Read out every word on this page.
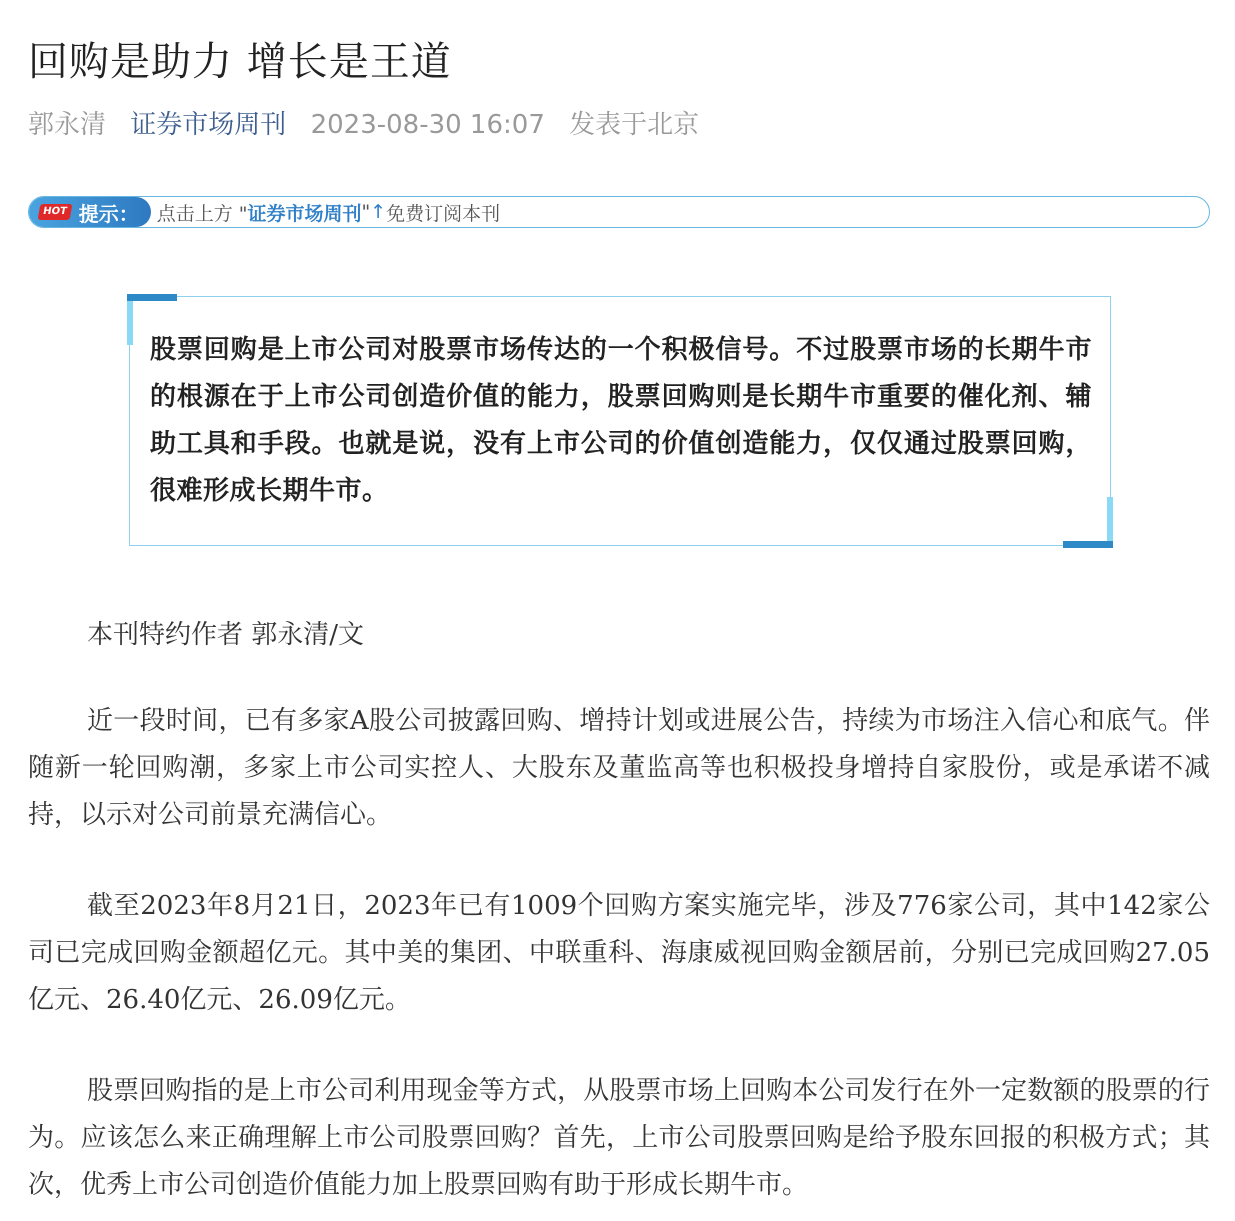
回购是助力 增长是王道
郭永清 证券市场周刊 2023-08-30 16:07 发表于北京
HOT 提示： 点击上方 " 证券市场周刊 " ↑ 免费订阅本刊

股票回购是上市公司对股票市场传达的一个积极信号。不过股票市场的长期牛市的根源在于上市公司创造价值的能力，股票回购则是长期牛市重要的催化剂、辅助工具和手段。也就是说，没有上市公司的价值创造能力，仅仅通过股票回购，很难形成长期牛市。

本刊特约作者 郭永清/文

近一段时间，已有多家A股公司披露回购、增持计划或进展公告，持续为市场注入信心和底气。伴随新一轮回购潮，多家上市公司实控人、大股东及董监高等也积极投身增持自家股份，或是承诺不减持，以示对公司前景充满信心。

截至2023年8月21日，2023年已有1009个回购方案实施完毕，涉及776家公司，其中142家公司已完成回购金额超亿元。其中美的集团、中联重科、海康威视回购金额居前，分别已完成回购27.05亿元、26.40亿元、26.09亿元。

股票回购指的是上市公司利用现金等方式，从股票市场上回购本公司发行在外一定数额的股票的行为。应该怎么来正确理解上市公司股票回购？首先，上市公司股票回购是给予股东回报的积极方式；其次，优秀上市公司创造价值能力加上股票回购有助于形成长期牛市。
